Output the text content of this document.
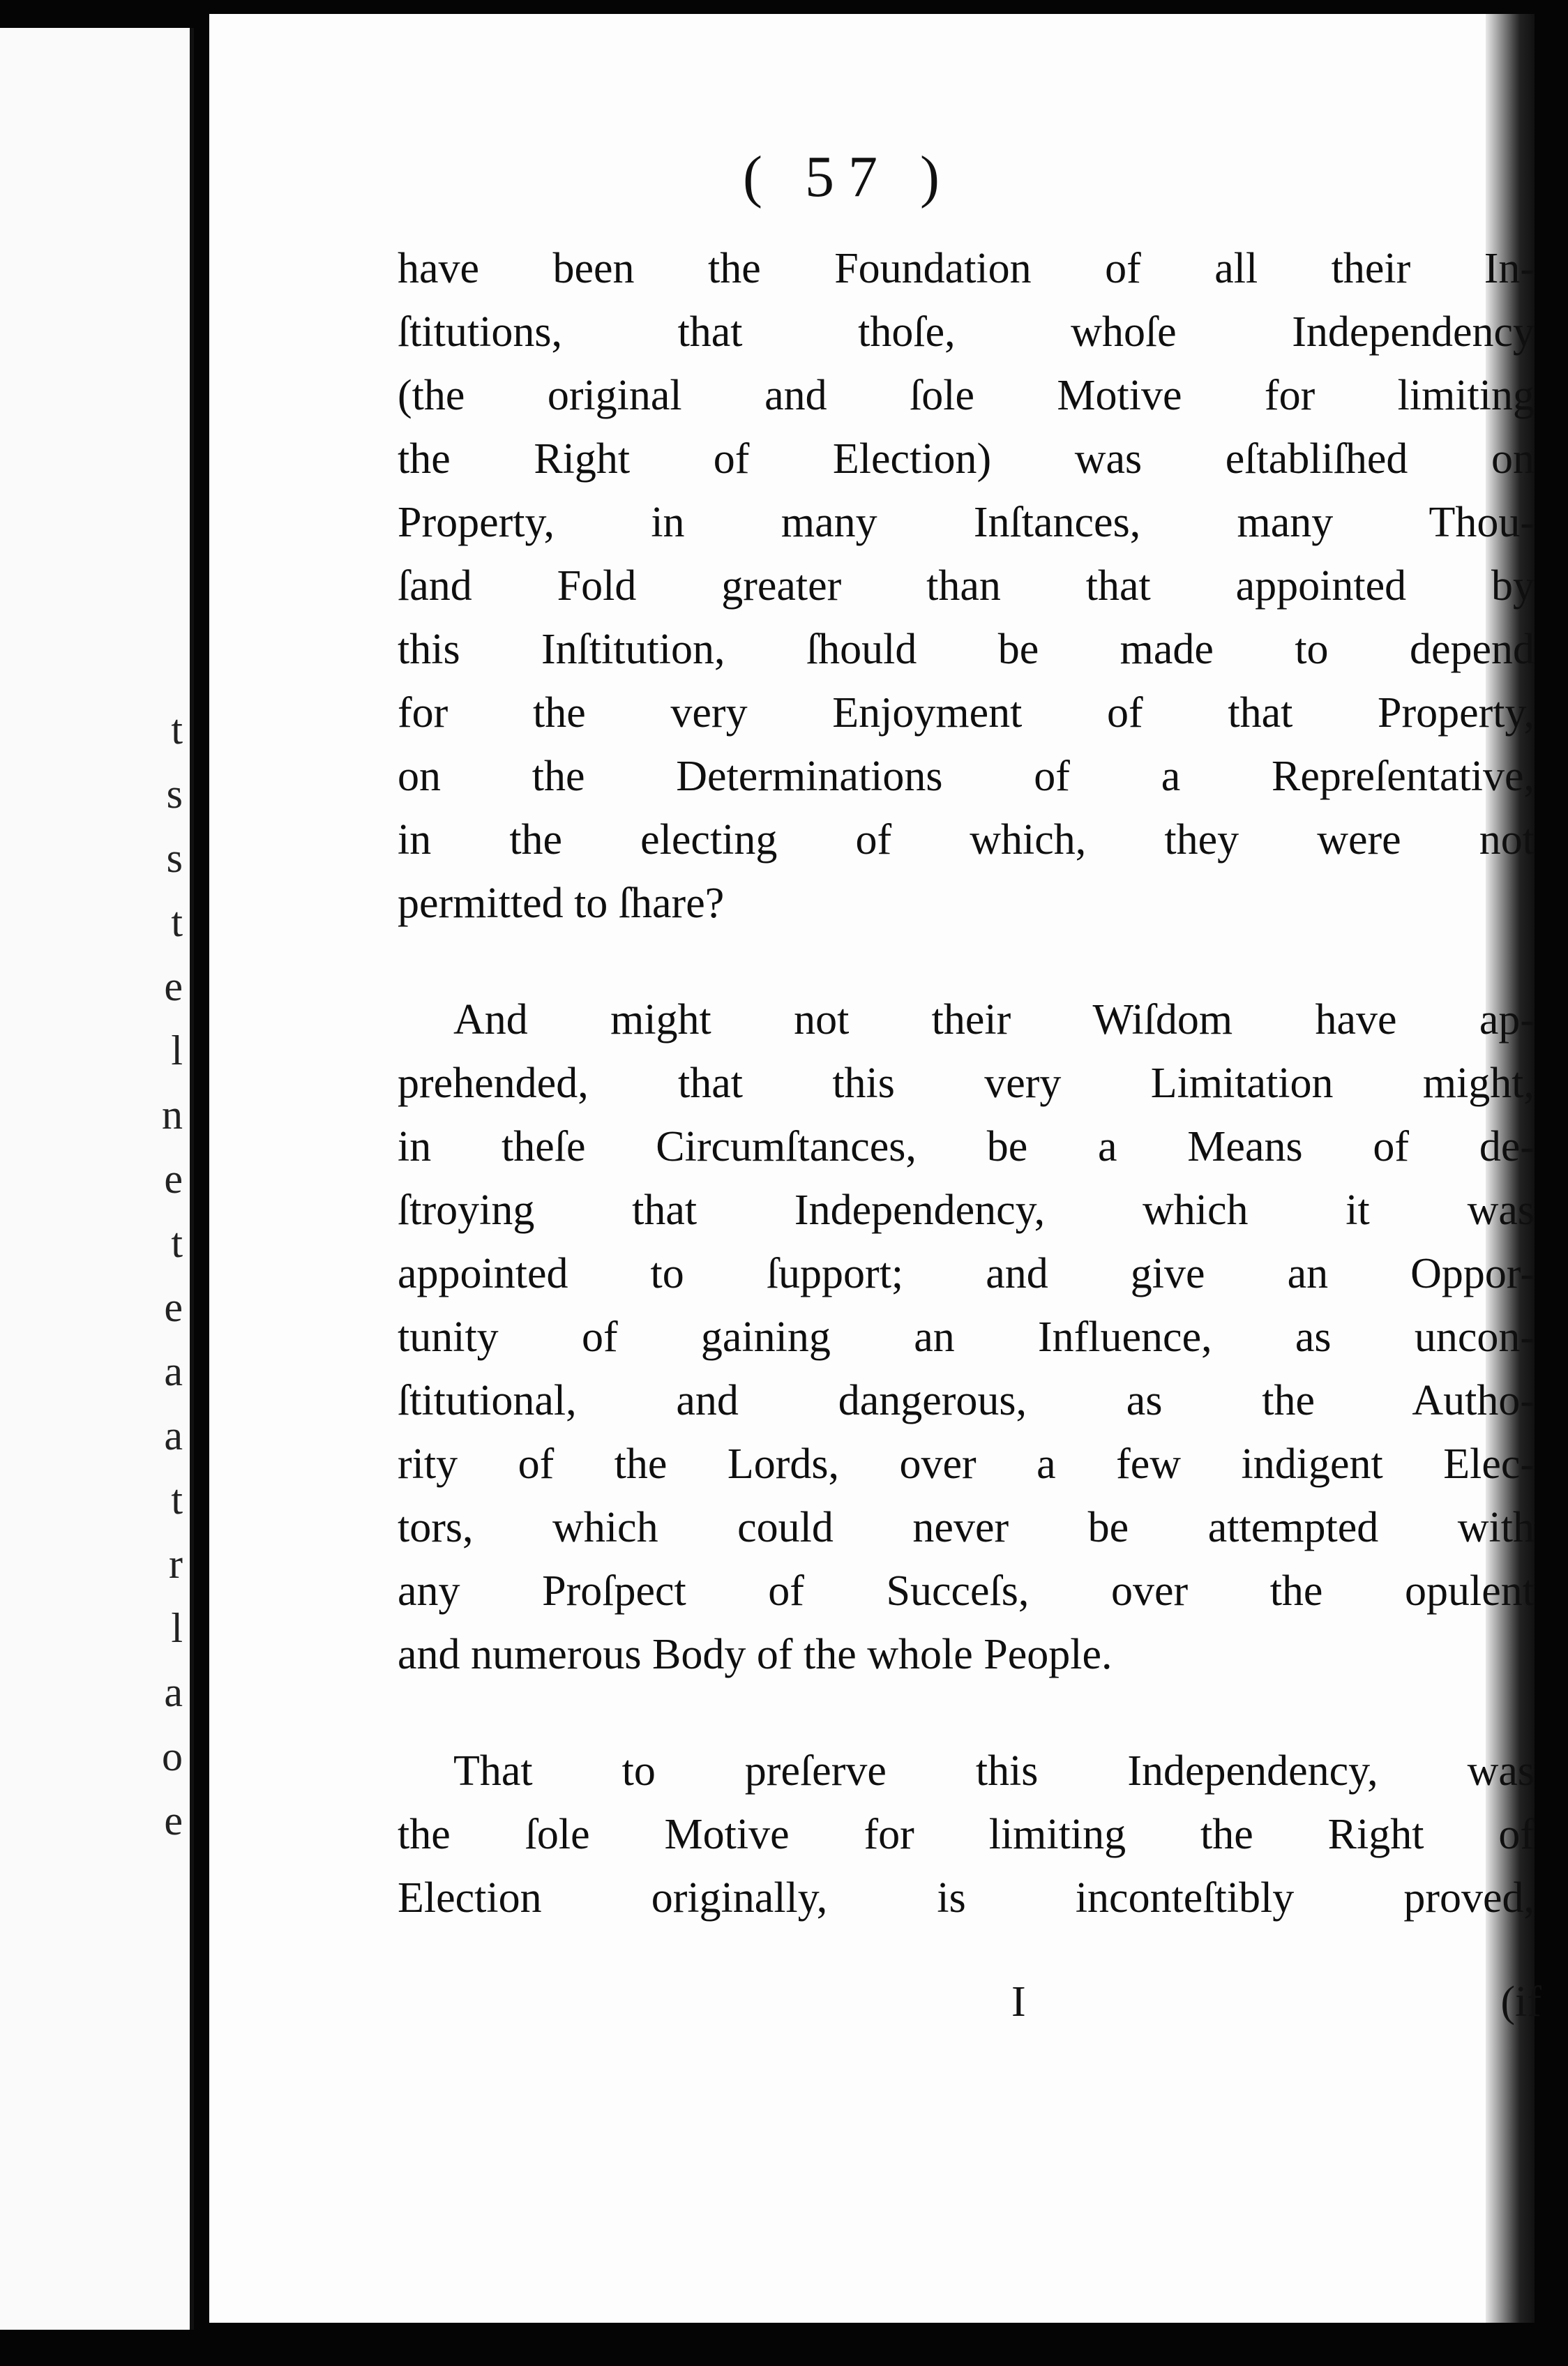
t
s
s
t
e
l
n
e
t
e
a
a
t
r
l
a
o
e
( 57 )
have been the Foundation of all their In-
ſtitutions, that thoſe, whoſe Independency
(the original and ſole Motive for limiting
the Right of Election) was eſtabliſhed on
Property, in many Inſtances, many Thou-
ſand Fold greater than that appointed by
this Inſtitution, ſhould be made to depend
for the very Enjoyment of that Property,
on the Determinations of a Repreſentative,
in the electing of which, they were not
permitted to ſhare?
And might not their Wiſdom have ap-
prehended, that this very Limitation might,
in theſe Circumſtances, be a Means of de-
ſtroying that Independency, which it was
appointed to ſupport; and give an Oppor-
tunity of gaining an Influence, as uncon-
ſtitutional, and dangerous, as the Autho-
rity of the Lords, over a few indigent Elec-
tors, which could never be attempted with
any Proſpect of Succeſs, over the opulent
and numerous Body of the whole People.
That to preſerve this Independency, was
the ſole Motive for limiting the Right of
Election originally, is inconteſtibly proved,
I	(if
